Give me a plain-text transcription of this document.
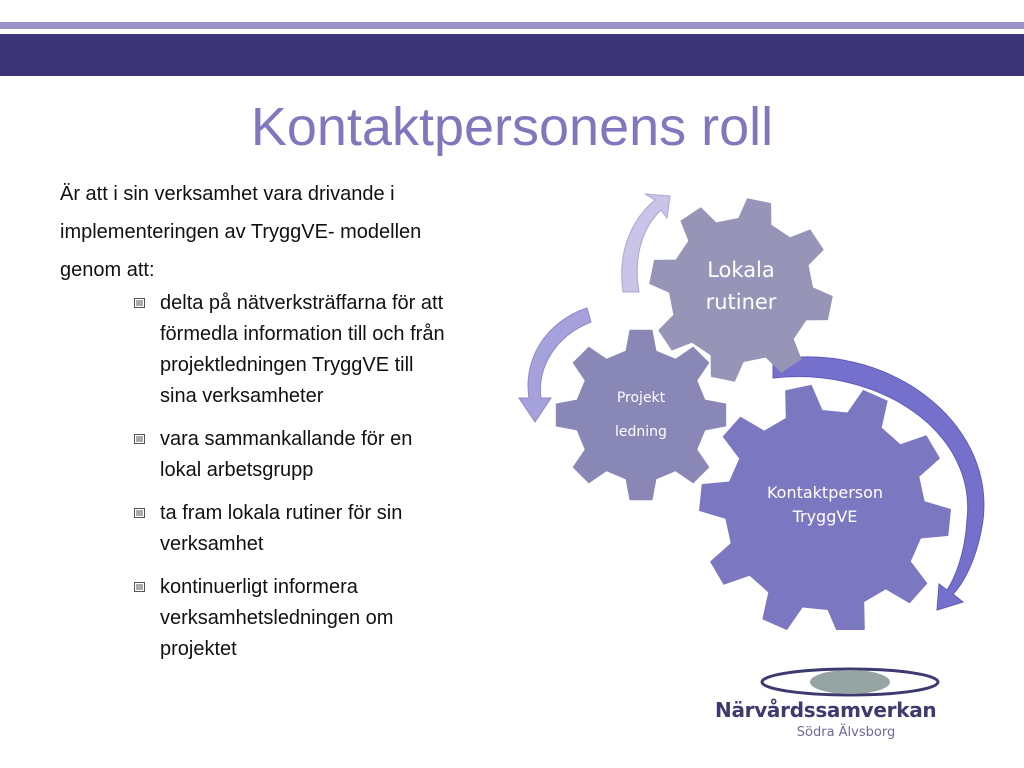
Kontaktpersonens roll
Är att i sin verksamhet vara drivande i
implementeringen av TryggVE- modellen
genom att:
delta på nätverksträffarna för att
förmedla information till och från
projektledningen TryggVE till
sina verksamheter
vara sammankallande för en
lokal arbetsgrupp
ta fram lokala rutiner för sin
verksamhet
kontinuerligt informera
verksamhetsledningen om
projektet
Lokala
rutiner
Projekt
ledning
Kontaktperson
TryggVE
Närvårdssamverkan
Södra Älvsborg
